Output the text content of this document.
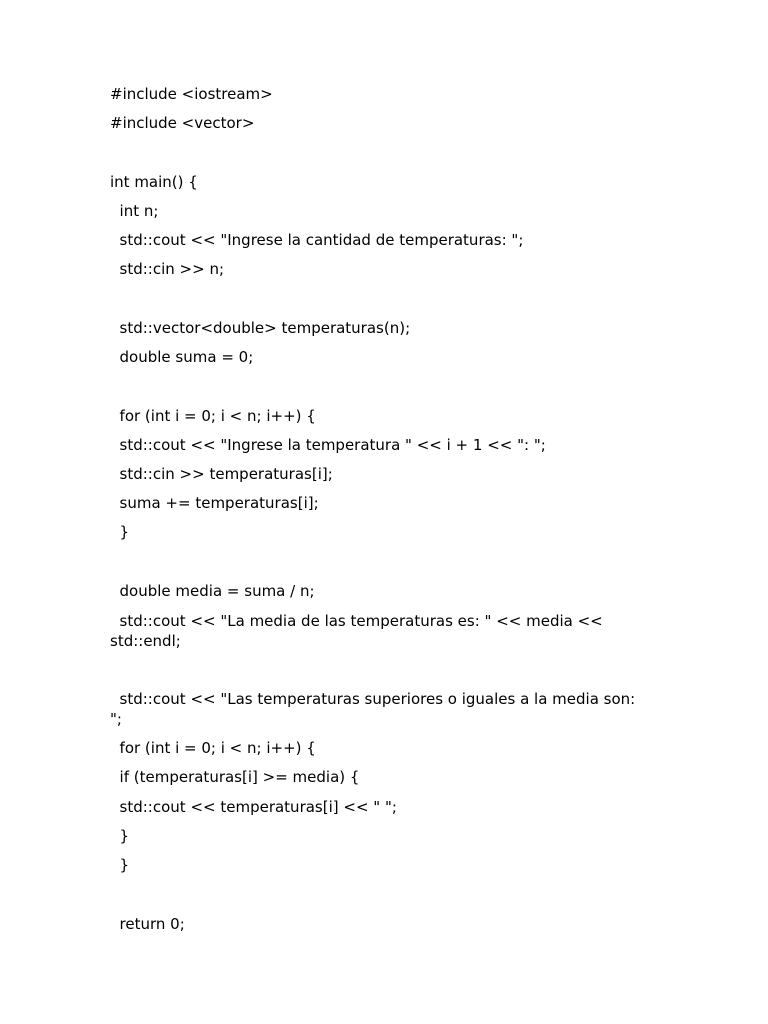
#include <iostream>
#include <vector>
int main() {
int n;
std::cout << "Ingrese la cantidad de temperaturas: ";
std::cin >> n;
std::vector<double> temperaturas(n);
double suma = 0;
for (int i = 0; i < n; i++) {
std::cout << "Ingrese la temperatura " << i + 1 << ": ";
std::cin >> temperaturas[i];
suma += temperaturas[i];
}
double media = suma / n;
std::cout << "La media de las temperaturas es: " << media <<
std::endl;
std::cout << "Las temperaturas superiores o iguales a la media son:
";
for (int i = 0; i < n; i++) {
if (temperaturas[i] >= media) {
std::cout << temperaturas[i] << " ";
}
}
return 0;
